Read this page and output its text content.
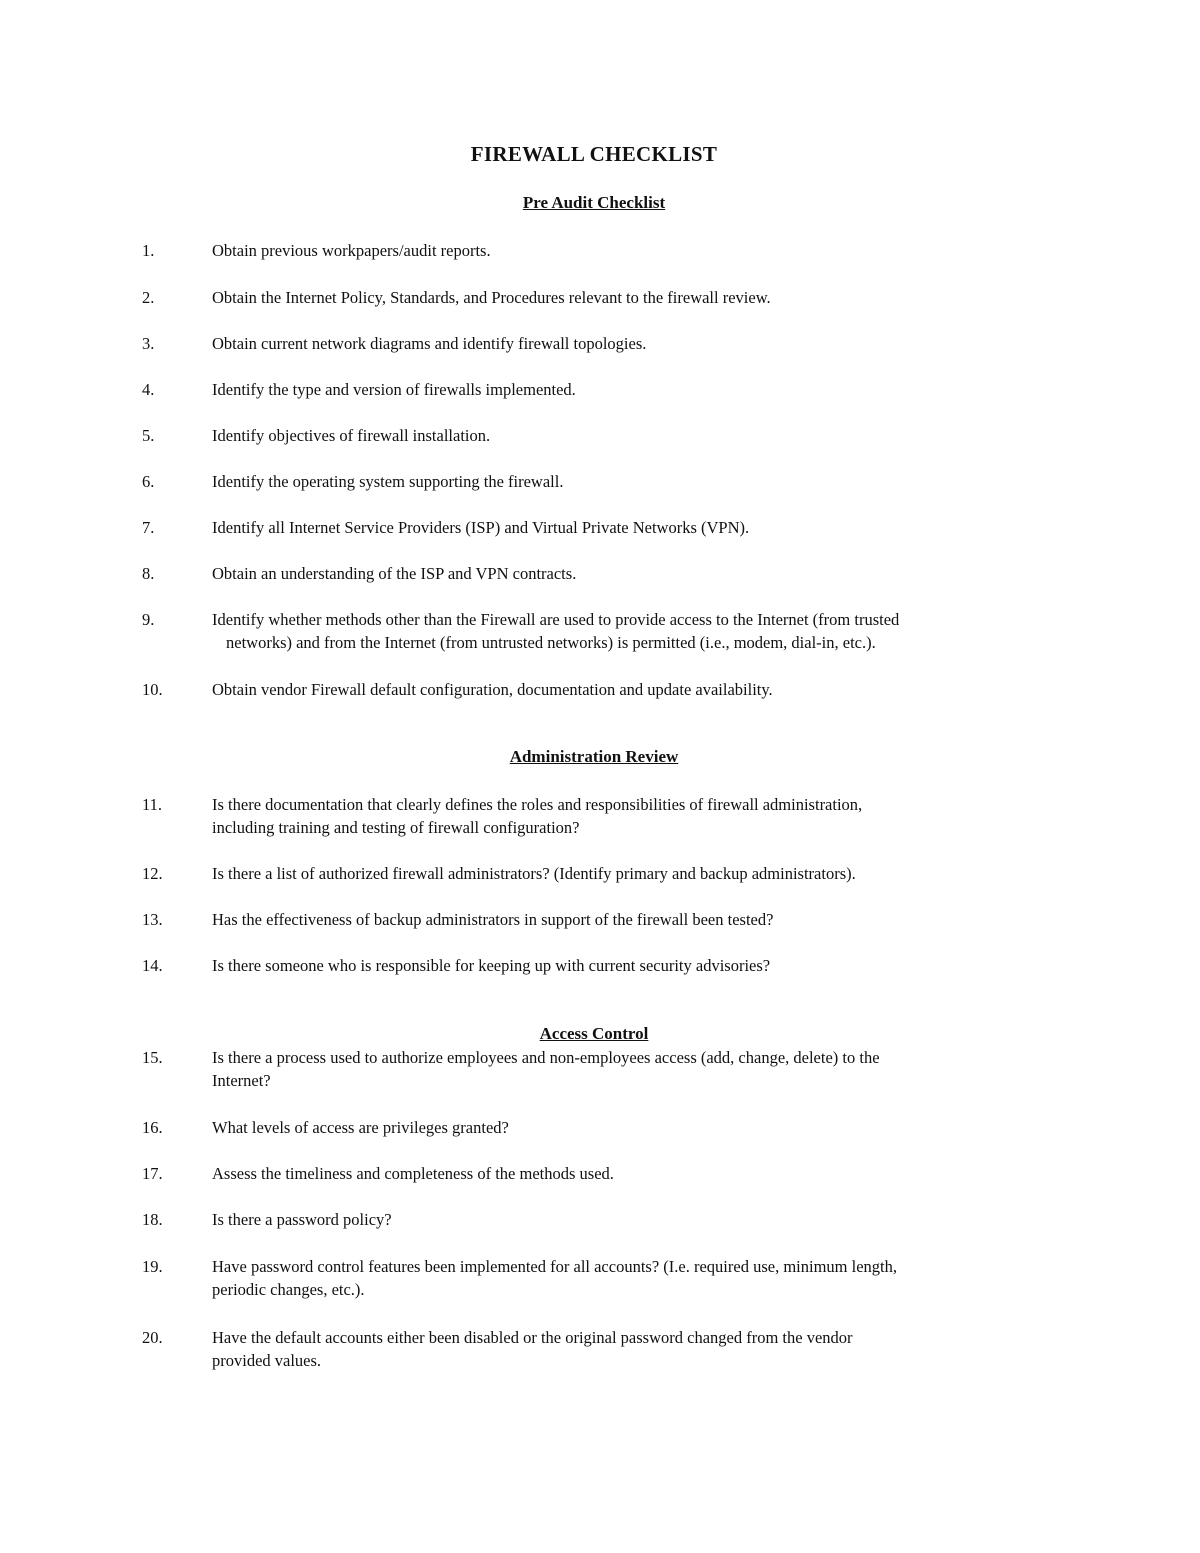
FIREWALL CHECKLIST
Pre Audit Checklist
1.	Obtain previous workpapers/audit reports.
2.	Obtain the Internet Policy, Standards, and Procedures relevant to the firewall review.
3.	Obtain current network diagrams and identify firewall topologies.
4.	Identify the type and version of firewalls implemented.
5.	Identify objectives of firewall installation.
6.	Identify the operating system supporting the firewall.
7.	Identify all Internet Service Providers (ISP) and Virtual Private Networks (VPN).
8.	Obtain an understanding of the ISP and VPN contracts.
9.	Identify whether methods other than the Firewall are used to provide access to the Internet (from trusted
networks) and from the Internet (from untrusted networks) is permitted (i.e., modem, dial-in, etc.).
10.	Obtain vendor Firewall default configuration, documentation and update availability.
Administration Review
11.	Is there documentation that clearly defines the roles and responsibilities of firewall administration,
including training and testing of firewall configuration?
12.	Is there a list of authorized firewall administrators? (Identify primary and backup administrators).
13.	Has the effectiveness of backup administrators in support of the firewall been tested?
14.	Is there someone who is responsible for keeping up with current security advisories?
Access Control
15.	Is there a process used to authorize employees and non-employees access (add, change, delete) to the
Internet?
16.	What levels of access are privileges granted?
17.	Assess the timeliness and completeness of the methods used.
18.	Is there a password policy?
19.	Have password control features been implemented for all accounts? (I.e. required use, minimum length,
periodic changes, etc.).
20.	Have the default accounts either been disabled or the original password changed from the vendor
provided values.
